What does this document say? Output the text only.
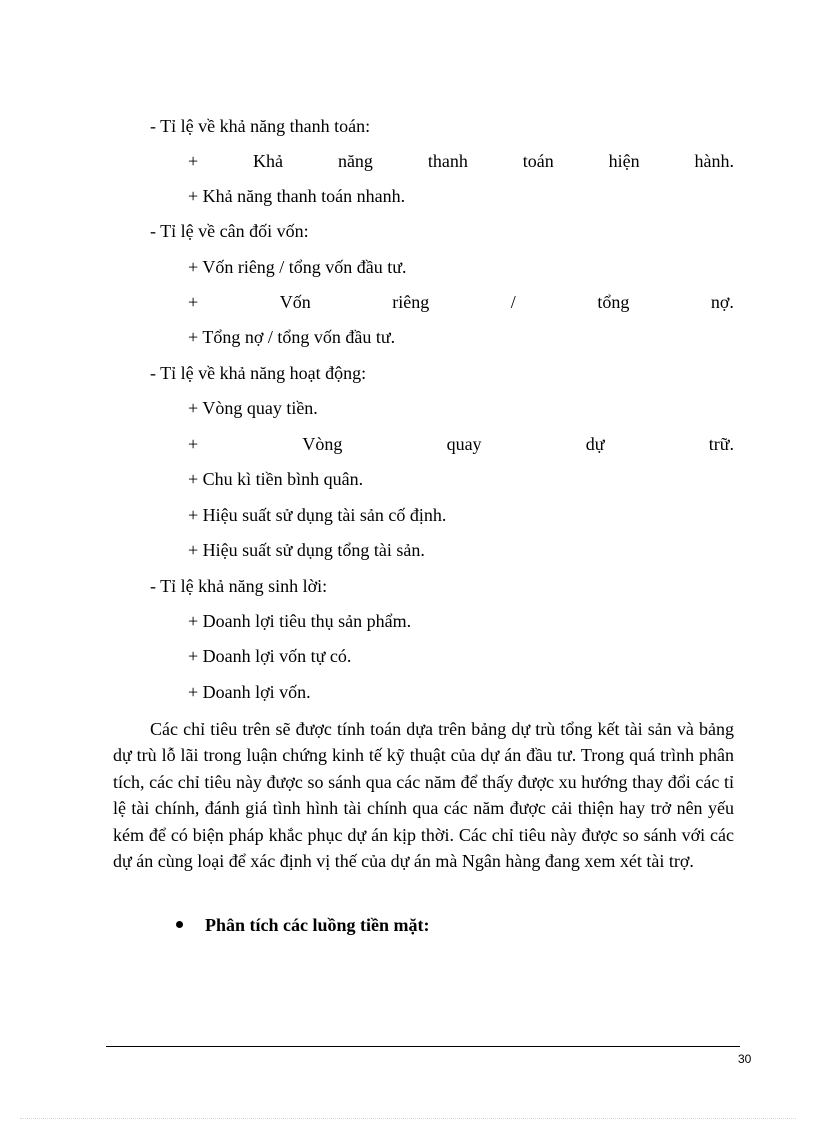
- Tỉ lệ về khả năng thanh toán:
+	Khả	năng	thanh	toán	hiện	hành.
+ Khả năng thanh toán nhanh.
- Tỉ lệ về cân đối vốn:
+ Vốn riêng / tổng vốn đầu tư.
+	Vốn	riêng	/	tổng	nợ.
+ Tổng nợ / tổng vốn đầu tư.
- Tỉ lệ về khả năng hoạt động:
+ Vòng quay tiền.
+	Vòng	quay	dự	trữ.
+ Chu kì tiền bình quân.
+ Hiệu suất sử dụng tài sản cố định.
+ Hiệu suất sử dụng tổng tài sản.
- Tỉ lệ khả năng sinh lời:
+ Doanh lợi tiêu thụ sản phẩm.
+ Doanh lợi vốn tự có.
+ Doanh lợi vốn.
Các chỉ tiêu trên sẽ được tính toán dựa trên bảng dự trù tổng kết tài sản và bảng dự trù lỗ lãi trong luận chứng kinh tế kỹ thuật của dự án đầu tư. Trong quá trình phân tích, các chỉ tiêu này được so sánh qua các năm để thấy được xu hướng thay đổi các tỉ lệ tài chính, đánh giá tình hình tài chính qua các năm được cải thiện hay trở nên yếu kém để có biện pháp khắc phục dự án kịp thời. Các chỉ tiêu này được so sánh với các dự án cùng loại để xác định vị thế của dự án mà Ngân hàng đang xem xét tài trợ.
Phân tích các luồng tiền mặt:
30
